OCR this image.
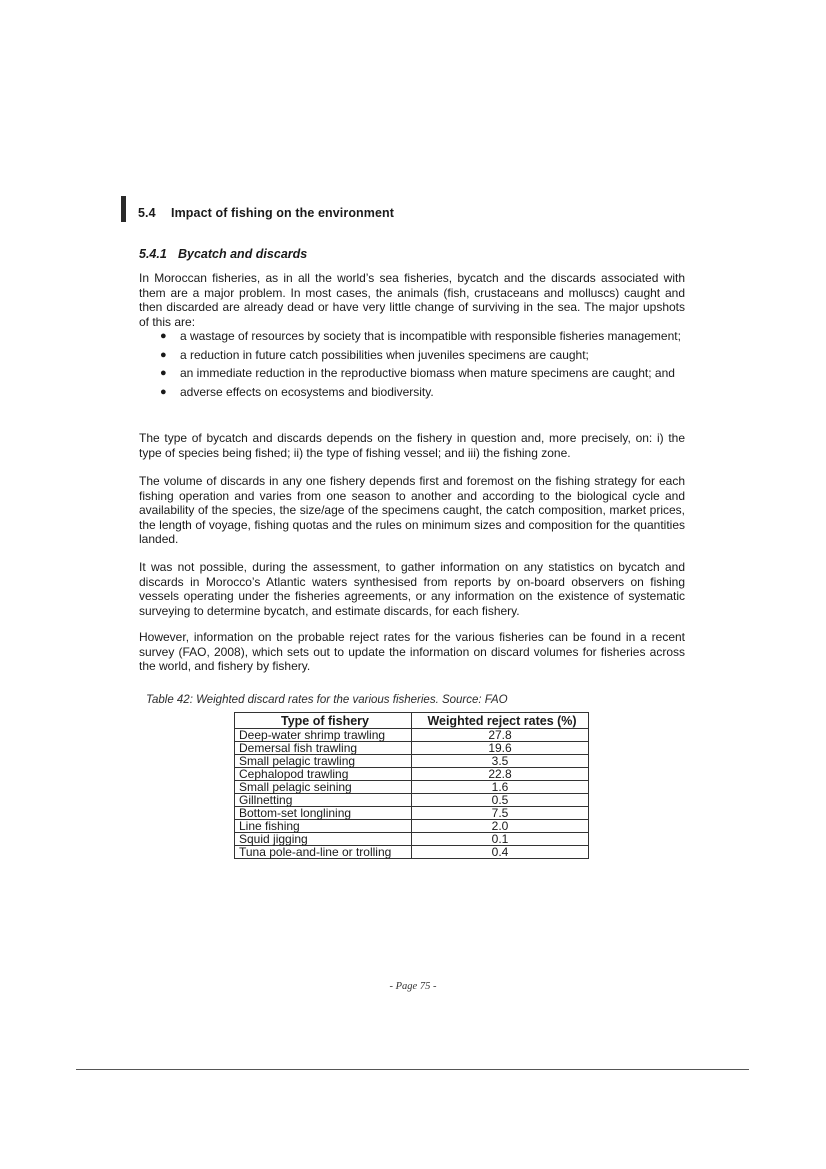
5.4 Impact of fishing on the environment
5.4.1 Bycatch and discards
In Moroccan fisheries, as in all the world’s sea fisheries, bycatch and the discards associated with them are a major problem. In most cases, the animals (fish, crustaceans and molluscs) caught and then discarded are already dead or have very little change of surviving in the sea. The major upshots of this are:
● a wastage of resources by society that is incompatible with responsible fisheries management;
● a reduction in future catch possibilities when juveniles specimens are caught;
● an immediate reduction in the reproductive biomass when mature specimens are caught; and
● adverse effects on ecosystems and biodiversity.
The type of bycatch and discards depends on the fishery in question and, more precisely, on: i) the type of species being fished; ii) the type of fishing vessel; and iii) the fishing zone.
The volume of discards in any one fishery depends first and foremost on the fishing strategy for each fishing operation and varies from one season to another and according to the biological cycle and availability of the species, the size/age of the specimens caught, the catch composition, market prices, the length of voyage, fishing quotas and the rules on minimum sizes and composition for the quantities landed.
It was not possible, during the assessment, to gather information on any statistics on bycatch and discards in Morocco’s Atlantic waters synthesised from reports by on-board observers on fishing vessels operating under the fisheries agreements, or any information on the existence of systematic surveying to determine bycatch, and estimate discards, for each fishery.
However, information on the probable reject rates for the various fisheries can be found in a recent survey (FAO, 2008), which sets out to update the information on discard volumes for fisheries across the world, and fishery by fishery.
Table 42: Weighted discard rates for the various fisheries. Source: FAO
Type of fishery	Weighted reject rates (%)
Deep-water shrimp trawling	27.8
Demersal fish trawling	19.6
Small pelagic trawling	3.5
Cephalopod trawling	22.8
Small pelagic seining	1.6
Gillnetting	0.5
Bottom-set longlining	7.5
Line fishing	2.0
Squid jigging	0.1
Tuna pole-and-line or trolling	0.4
- Page 75 -
